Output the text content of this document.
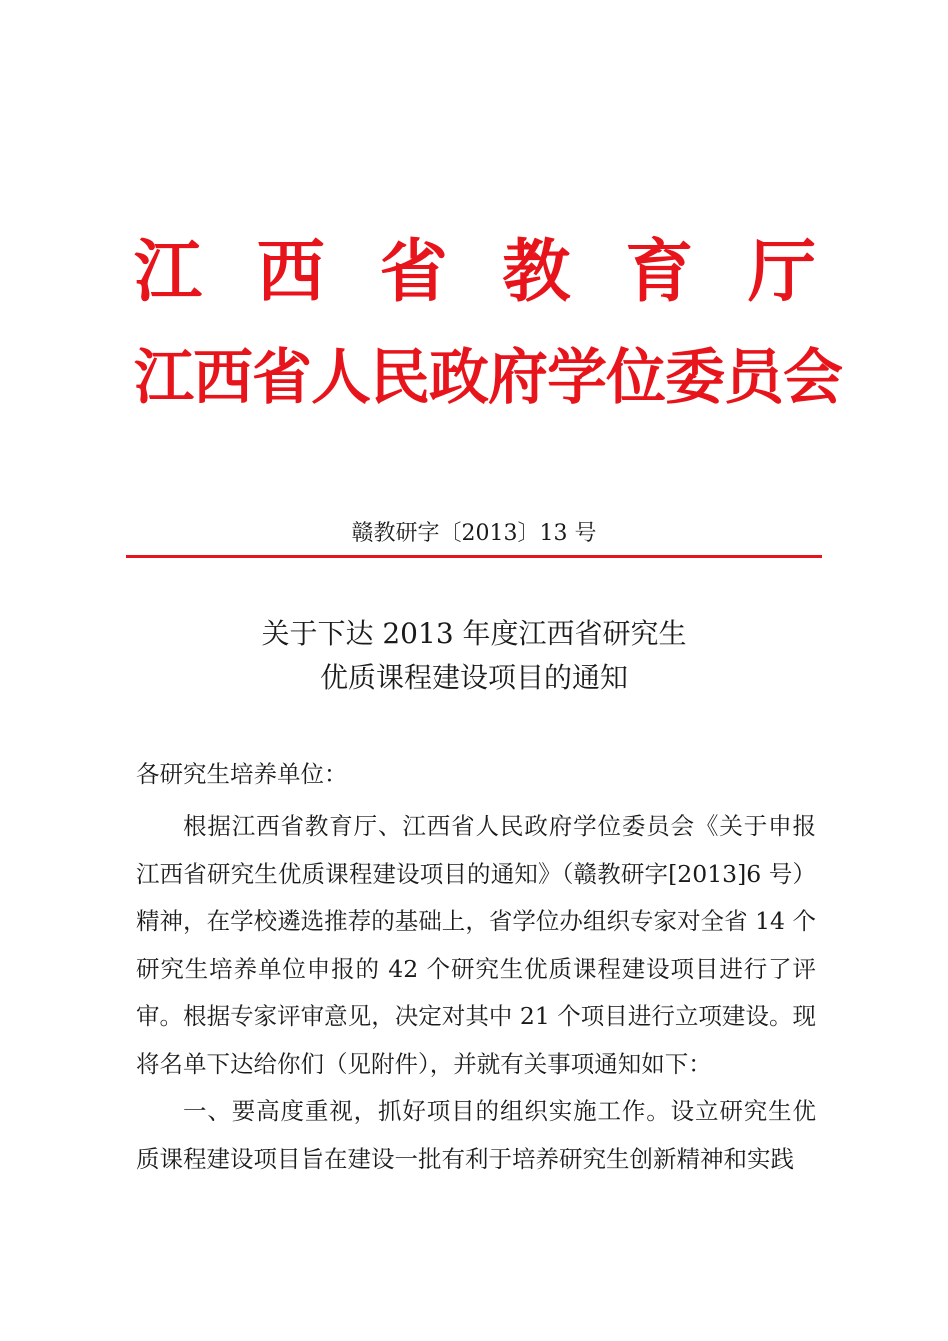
江 西 省 教 育 厅
江西省人民政府学位委员会
赣教研字〔2013〕13 号
关于下达 2013 年度江西省研究生
优质课程建设项目的通知
各研究生培养单位：
根据江西省教育厅、江西省人民政府学位委员会《关于申报江西省研究生优质课程建设项目的通知》（赣教研字[2013]6 号）精神，在学校遴选推荐的基础上，省学位办组织专家对全省 14 个研究生培养单位申报的 42 个研究生优质课程建设项目进行了评审。根据专家评审意见，决定对其中 21 个项目进行立项建设。现将名单下达给你们（见附件），并就有关事项通知如下：
一、要高度重视，抓好项目的组织实施工作。设立研究生优质课程建设项目旨在建设一批有利于培养研究生创新精神和实践
